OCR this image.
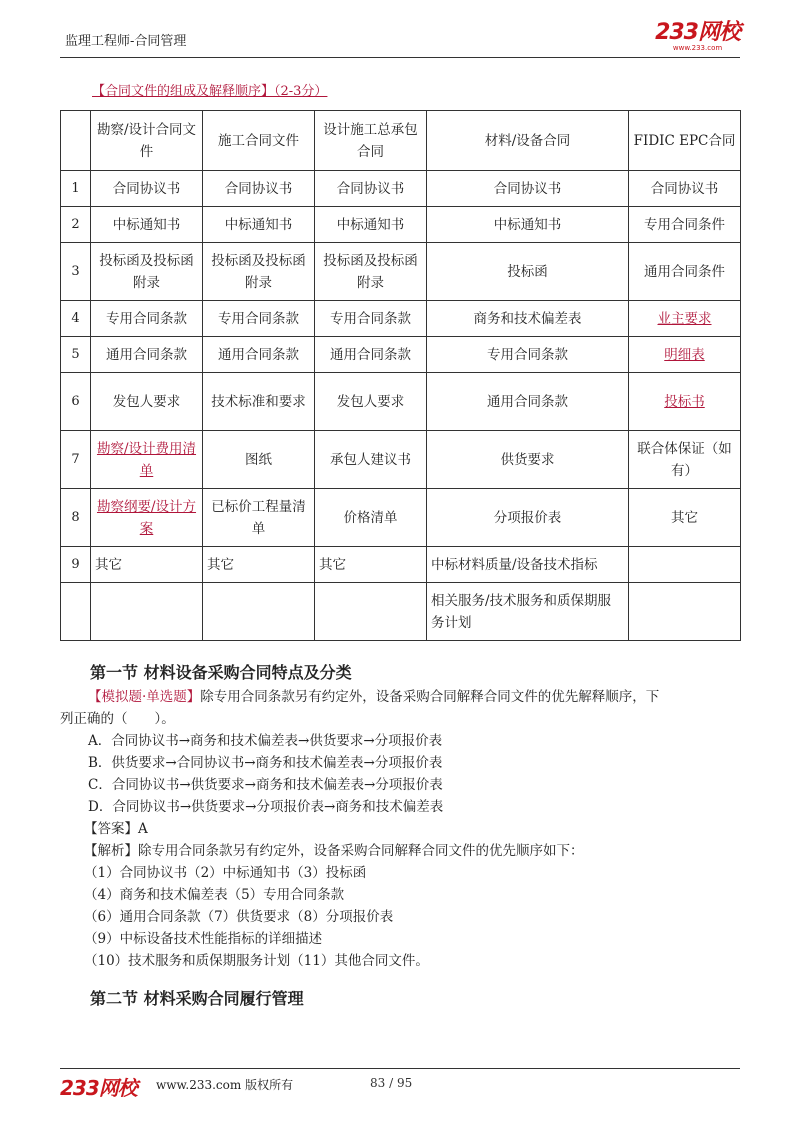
监理工程师-合同管理	233网校
www.233.com
【合同文件的组成及解释顺序】（2-3分）
	勘察/设计合同文件	施工合同文件	设计施工总承包合同	材料/设备合同	FIDIC EPC合同
1	合同协议书	合同协议书	合同协议书	合同协议书	合同协议书
2	中标通知书	中标通知书	中标通知书	中标通知书	专用合同条件
3	投标函及投标函附录	投标函及投标函附录	投标函及投标函附录	投标函	通用合同条件
4	专用合同条款	专用合同条款	专用合同条款	商务和技术偏差表	业主要求
5	通用合同条款	通用合同条款	通用合同条款	专用合同条款	明细表
6	发包人要求	技术标准和要求	发包人要求	通用合同条款	投标书
7	勘察/设计费用清单	图纸	承包人建议书	供货要求	联合体保证（如有）
8	勘察纲要/设计方案	已标价工程量清单	价格清单	分项报价表	其它
9	其它	其它	其它	中标材料质量/设备技术指标	
				相关服务/技术服务和质保期服务计划	
第一节 材料设备采购合同特点及分类
【模拟题·单选题】除专用合同条款另有约定外，设备采购合同解释合同文件的优先解释顺序，下
列正确的（　　）。
A．合同协议书→商务和技术偏差表→供货要求→分项报价表
B．供货要求→合同协议书→商务和技术偏差表→分项报价表
C．合同协议书→供货要求→商务和技术偏差表→分项报价表
D．合同协议书→供货要求→分项报价表→商务和技术偏差表
【答案】A
【解析】除专用合同条款另有约定外，设备采购合同解释合同文件的优先顺序如下：
（1）合同协议书（2）中标通知书（3）投标函
（4）商务和技术偏差表（5）专用合同条款
（6）通用合同条款（7）供货要求（8）分项报价表
（9）中标设备技术性能指标的详细描述
（10）技术服务和质保期服务计划（11）其他合同文件。
第二节 材料采购合同履行管理
233网校 www.233.com 版权所有	83 / 95
